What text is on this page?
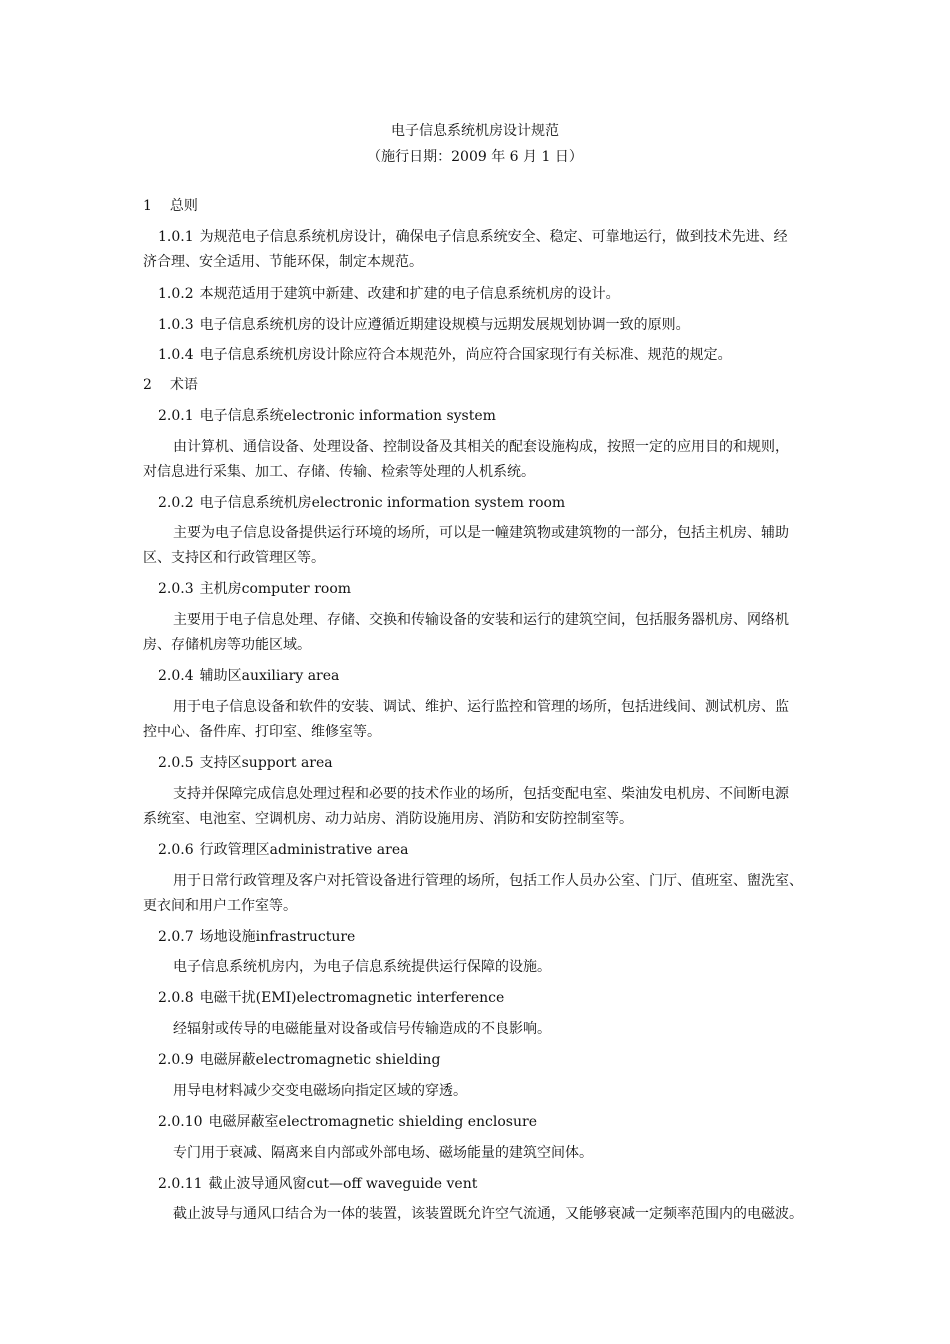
电子信息系统机房设计规范
（施行日期：2009 年 6 月 1 日）
1 总则
1.0.1 为规范电子信息系统机房设计，确保电子信息系统安全、稳定、可靠地运行，做到技术先进、经
济合理、安全适用、节能环保，制定本规范。
1.0.2 本规范适用于建筑中新建、改建和扩建的电子信息系统机房的设计。
1.0.3 电子信息系统机房的设计应遵循近期建设规模与远期发展规划协调一致的原则。
1.0.4 电子信息系统机房设计除应符合本规范外，尚应符合国家现行有关标准、规范的规定。
2 术语
2.0.1 电子信息系统electronic information system
由计算机、通信设备、处理设备、控制设备及其相关的配套设施构成，按照一定的应用目的和规则，
对信息进行采集、加工、存储、传输、检索等处理的人机系统。
2.0.2 电子信息系统机房electronic information system room
主要为电子信息设备提供运行环境的场所，可以是一幢建筑物或建筑物的一部分，包括主机房、辅助
区、支持区和行政管理区等。
2.0.3 主机房computer room
主要用于电子信息处理、存储、交换和传输设备的安装和运行的建筑空间，包括服务器机房、网络机
房、存储机房等功能区域。
2.0.4 辅助区auxiliary area
用于电子信息设备和软件的安装、调试、维护、运行监控和管理的场所，包括进线间、测试机房、监
控中心、备件库、打印室、维修室等。
2.0.5 支持区support area
支持并保障完成信息处理过程和必要的技术作业的场所，包括变配电室、柴油发电机房、不间断电源
系统室、电池室、空调机房、动力站房、消防设施用房、消防和安防控制室等。
2.0.6 行政管理区administrative area
用于日常行政管理及客户对托管设备进行管理的场所，包括工作人员办公室、门厅、值班室、盥洗室、
更衣间和用户工作室等。
2.0.7 场地设施infrastructure
电子信息系统机房内，为电子信息系统提供运行保障的设施。
2.0.8 电磁干扰(EMI)electromagnetic interference
经辐射或传导的电磁能量对设备或信号传输造成的不良影响。
2.0.9 电磁屏蔽electromagnetic shielding
用导电材料减少交变电磁场向指定区域的穿透。
2.0.10 电磁屏蔽室electromagnetic shielding enclosure
专门用于衰减、隔离来自内部或外部电场、磁场能量的建筑空间体。
2.0.11 截止波导通风窗cut—off waveguide vent
截止波导与通风口结合为一体的装置，该装置既允许空气流通，又能够衰减一定频率范围内的电磁波。
